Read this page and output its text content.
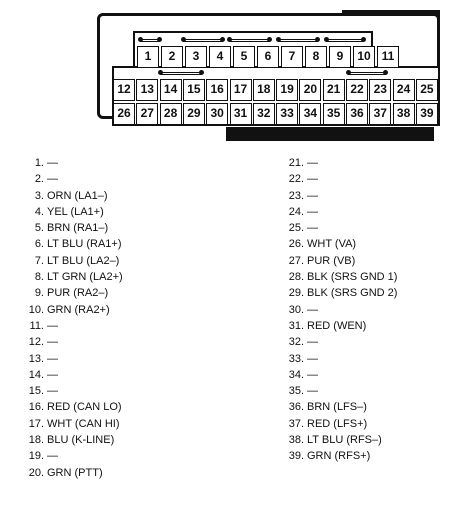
1	2	3	4	5	6	7	8	9	10 11
12 13 14 15 16 17 18 19 20 21 22 23 24 25
26 27 28 29 30 31 32 33 34 35 36 37 38 39
1. —
2. —
3. ORN (LA1–)
4. YEL (LA1+)
5. BRN (RA1–)
6. LT BLU (RA1+)
7. LT BLU (LA2–)
8. LT GRN (LA2+)
9. PUR (RA2–)
10. GRN (RA2+)
11. —
12. —
13. —
14. —
15. —
16. RED (CAN LO)
17. WHT (CAN HI)
18. BLU (K-LINE)
19. —
20. GRN (PTT)
21. —
22. —
23. —
24. —
25. —
26. WHT (VA)
27. PUR (VB)
28. BLK (SRS GND 1)
29. BLK (SRS GND 2)
30. —
31. RED (WEN)
32. —
33. —
34. —
35. —
36. BRN (LFS–)
37. RED (LFS+)
38. LT BLU (RFS–)
39. GRN (RFS+)
